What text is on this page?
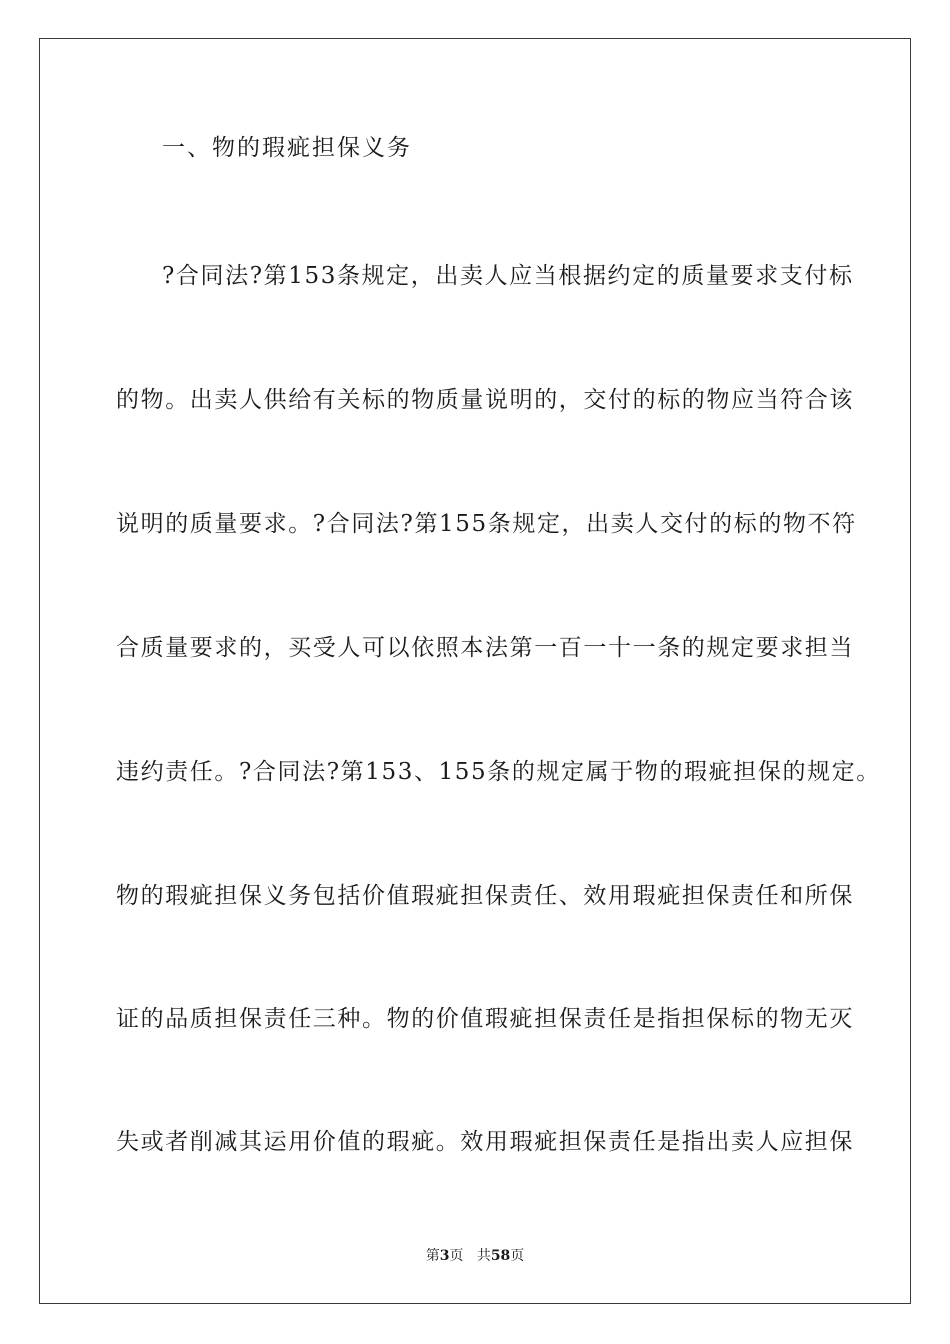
一、物的瑕疵担保义务
?合同法?第153条规定，出卖人应当根据约定的质量要求支付标
的物。出卖人供给有关标的物质量说明的，交付的标的物应当符合该
说明的质量要求。?合同法?第155条规定，出卖人交付的标的物不符
合质量要求的，买受人可以依照本法第一百一十一条的规定要求担当
违约责任。?合同法?第153、155条的规定属于物的瑕疵担保的规定。
物的瑕疵担保义务包括价值瑕疵担保责任、效用瑕疵担保责任和所保
证的品质担保责任三种。物的价值瑕疵担保责任是指担保标的物无灭
失或者削减其运用价值的瑕疵。效用瑕疵担保责任是指出卖人应担保
第3页 共58页
